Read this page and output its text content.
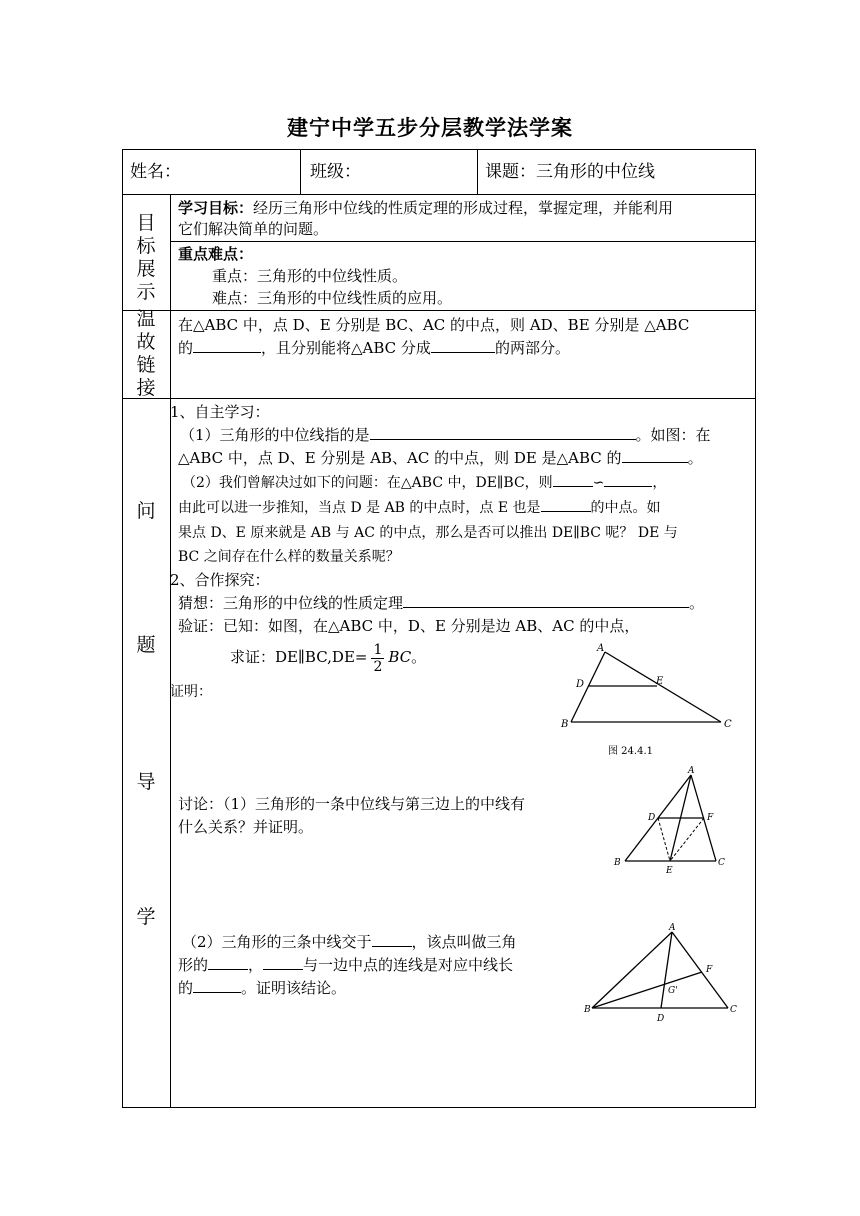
建宁中学五步分层教学法学案
姓名：	班级：	课题：三角形的中位线
目
标
展
示
学习目标：经历三角形中位线的性质定理的形成过程，掌握定理，并能利用
它们解决简单的问题。
重点难点：
重点：三角形的中位线性质。
难点：三角形的中位线性质的应用。
温
故
链
接
在△ABC 中，点 D、E 分别是 BC、AC 的中点，则 AD、BE 分别是 △ABC
的	，且分别能将△ABC 分成	的两部分。
问
题
导
学
1、自主学习：
（1）三角形的中位线指的是	。如图：在
△ABC 中，点 D、E 分别是 AB、AC 的中点，则 DE 是△ABC 的	。
（2）我们曾解决过如下的问题：在△ABC 中，DE∥BC，则	∽	，
由此可以进一步推知，当点 D 是 AB 的中点时，点 E 也是	的中点。如
果点 D、E 原来就是 AB 与 AC 的中点，那么是否可以推出 DE∥BC 呢？ DE 与
BC 之间存在什么样的数量关系呢？
2、合作探究：
猜想：三角形的中位线的性质定理	。
验证：已知：如图，在△ABC 中，D、E 分别是边 AB、AC 的中点，
求证：DE∥BC,DE= $\frac{1}{2}$ BC。
证明：
A
D	E
B	C
图 24.4.1
讨论：（1）三角形的一条中位线与第三边上的中线有
什么关系？并证明。
A
D	F
B
E
C
（2）三角形的三条中线交于	，该点叫做三角
形的	，	与一边中点的连线是对应中线长
的	。证明该结论。
A
F
G'
B
D
C
